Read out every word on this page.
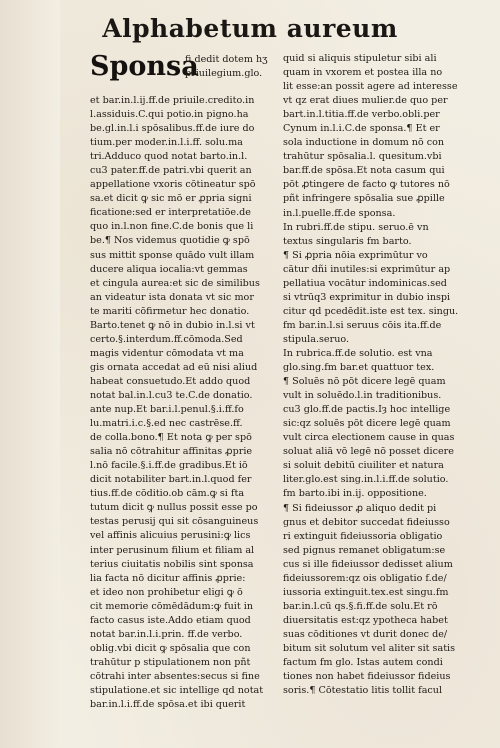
Alphabetum aureum
Sponsa
fi dedit dotem hʒ
priuilegium.glo.
et bar.in.l.ij.ff.de priuile.credito.in
l.assiduis.C.qui potio.in pigno.ha
be.gl.in.l.i spōsalibus.ff.de iure do
tium.per moder.in.l.i.ff. solu.ma
tri.Adduco quod notat barto.in.l.
cu3 pater.ff.de patri.vbi querit an
appellatione vxoris cōtineatur spō
sa.et dicit ꝙ sic mō er ꝓpria signi
ficatione:sed er interpretatiōe.de
quo in.l.non fine.C.de bonis que li
be.¶ Nos videmus quotidie ꝙ spō
sus mittit sponse quādo vult illam
ducere aliqua iocalia:vt gemmas
et cingula aurea:et sic de similibus
an videatur ista donata vt sic mor
te mariti cōfirmetur hec donatio.
Barto.tenet ꝙ nō in dubio in.l.si vt
certo.§.interdum.ff.cōmoda.Sed
magis videntur cōmodata vt ma
gis ornata accedat ad eū nisi aliud
habeat consuetudo.Et addo quod
notat bal.in.l.cu3 te.C.de donatio.
ante nup.Et bar.i.l.penul.§.i.ff.fo
lu.matri.i.c.§.ed nec castrēse.ff.
de colla.bono.¶ Et nota ꝙ per spō
salia nō cōtrahitur affinitas ꝓprie
l.nō facile.§.i.ff.de gradibus.Et iō
dicit notabiliter bart.in.l.quod fer
tius.ff.de cōditio.ob cām.ꝙ si fta
tutum dicit ꝙ nullus possit esse po
testas perusij qui sit cōsanguineus
vel affinis alicuius perusini:ꝙ lics
inter perusinum filium et filiam al
terius ciuitatis nobilis sint sponsa
lia facta nō dicitur affinis ꝓprie:
et ideo non prohibetur eligi ꝙ ō
cit memorie cōmēdādum:ꝙ fuit in
facto casus iste.Addo etiam quod
notat bar.in.l.i.prin. ff.de verbo.
oblig.vbi dicit ꝙ spōsalia que con
trahūtur p stipulationem non pñt
cōtrahi inter absentes:secus si fine
stipulatione.et sic intellige qd notat
bar.in.l.i.ff.de spōsa.et ibi querit
quid si aliquis stipuletur sibi ali
quam in vxorem et postea illa no
lit esse:an possit agere ad interesse
vt qz erat diues mulier.de quo per
bart.in.l.titia.ff.de verbo.obli.per
Cynum in.l.i.C.de sponsa.¶ Et er
sola inductione in domum nō con
trahūtur spōsalia.l. quesitum.vbi
bar.ff.de spōsa.Et nota casum qui
pōt ꝓtingere de facto ꝙ tutores nō
pñt infringere spōsalia sue ꝓpille
in.l.puelle.ff.de sponsa.
In rubri.ff.de stipu. seruo.ē vn
textus singularis fm barto.
¶ Si ꝓpria nōia exprimūtur vo
cātur dñi inutiles:si exprimūtur ap
pellatiua vocātur indominicas.sed
si vtrūq3 exprimitur in dubio inspi
citur qd pcedēdit.iste est tex. singu.
fm bar.in.l.si seruus cōis ita.ff.de
stipula.seruo.
In rubrica.ff.de solutio. est vna
glo.sing.fm bar.et quattuor tex.
¶ Soluēs nō pōt dicere legē quam
vult in soluēdo.l.in traditionibus.
cu3 glo.ff.de pactis.Iȝ hoc intellige
sic:qz soluēs pōt dicere legē quam
vult circa electionem cause in quas
soluat aliā vō legē nō posset dicere
si soluit debitū ciuiliter et natura
liter.glo.est sing.in.l.i.ff.de solutio.
fm barto.ibi in.ij. oppositione.
¶ Si fideiussor ꝓ aliquo dedit pi
gnus et debitor succedat fideiusso
ri extinguit fideiussoria obligatio
sed pignus remanet obligatum:se
cus si ille fideiussor dedisset alium
fideiussorem:qz ois obligatio f.de/
iussoria extinguit.tex.est singu.fm
bar.in.l.cū qs.§.fi.ff.de solu.Et rō
diuersitatis est:qz ypotheca habet
suas cōditiones vt durit donec de/
bitum sit solutum vel aliter sit satis
factum fm glo. Istas autem condi
tiones non habet fideiussor fideius
soris.¶ Cōtestatio litis tollit facul
